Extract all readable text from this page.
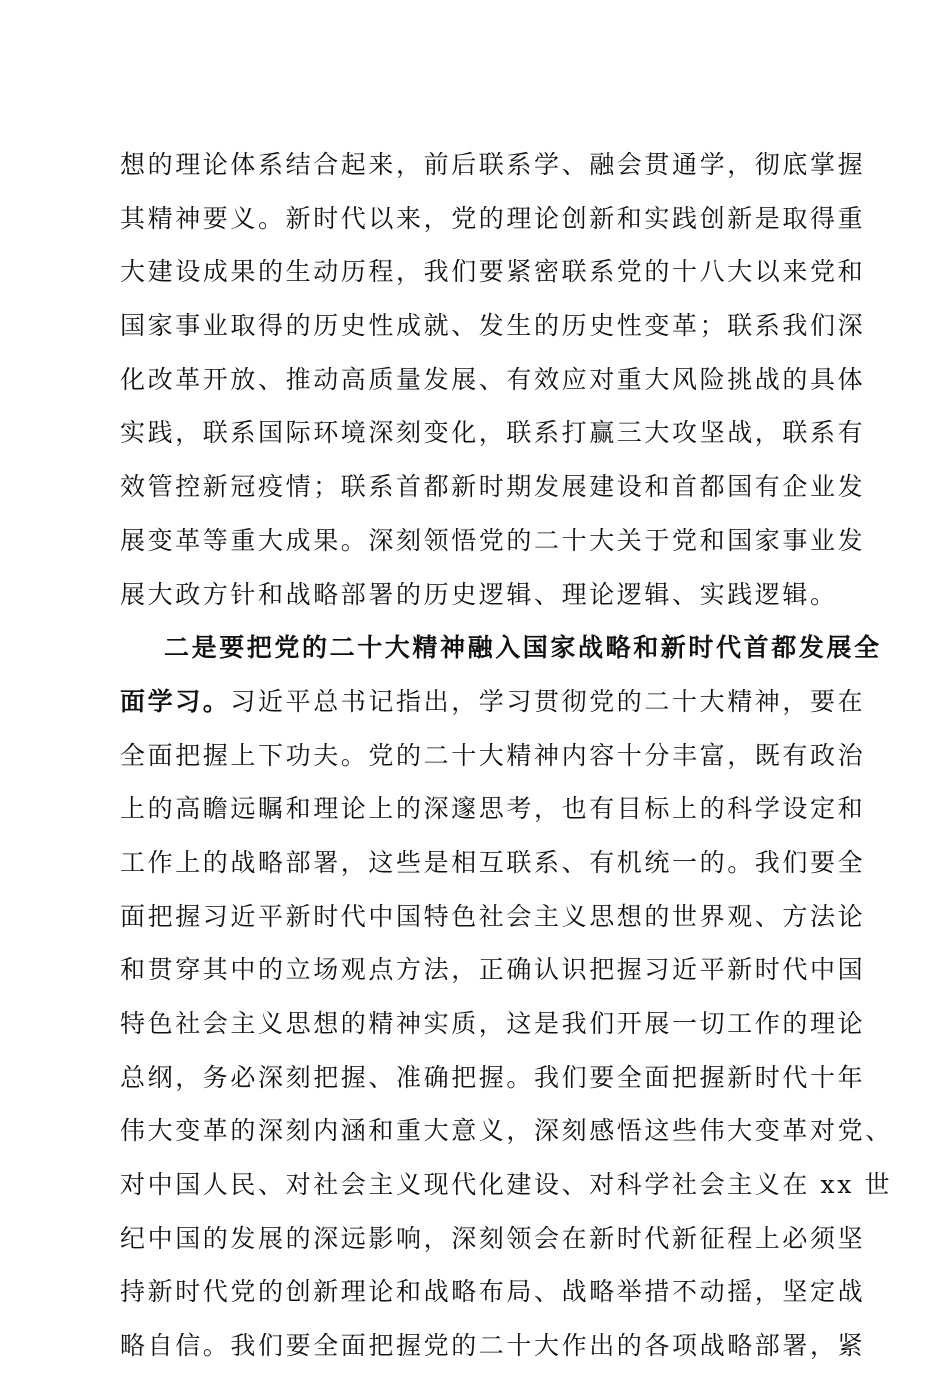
想的理论体系结合起来，前后联系学、融会贯通学，彻底掌握
其精神要义。新时代以来，党的理论创新和实践创新是取得重
大建设成果的生动历程，我们要紧密联系党的十八大以来党和
国家事业取得的历史性成就、发生的历史性变革；联系我们深
化改革开放、推动高质量发展、有效应对重大风险挑战的具体
实践，联系国际环境深刻变化，联系打赢三大攻坚战，联系有
效管控新冠疫情；联系首都新时期发展建设和首都国有企业发
展变革等重大成果。深刻领悟党的二十大关于党和国家事业发
展大政方针和战略部署的历史逻辑、理论逻辑、实践逻辑。
二是要把党的二十大精神融入国家战略和新时代首都发展全
面学习。习近平总书记指出，学习贯彻党的二十大精神，要在
全面把握上下功夫。党的二十大精神内容十分丰富，既有政治
上的高瞻远瞩和理论上的深邃思考，也有目标上的科学设定和
工作上的战略部署，这些是相互联系、有机统一的。我们要全
面把握习近平新时代中国特色社会主义思想的世界观、方法论
和贯穿其中的立场观点方法，正确认识把握习近平新时代中国
特色社会主义思想的精神实质，这是我们开展一切工作的理论
总纲，务必深刻把握、准确把握。我们要全面把握新时代十年
伟大变革的深刻内涵和重大意义，深刻感悟这些伟大变革对党、
对中国人民、对社会主义现代化建设、对科学社会主义在 xx 世
纪中国的发展的深远影响，深刻领会在新时代新征程上必须坚
持新时代党的创新理论和战略布局、战略举措不动摇，坚定战
略自信。我们要全面把握党的二十大作出的各项战略部署，紧
